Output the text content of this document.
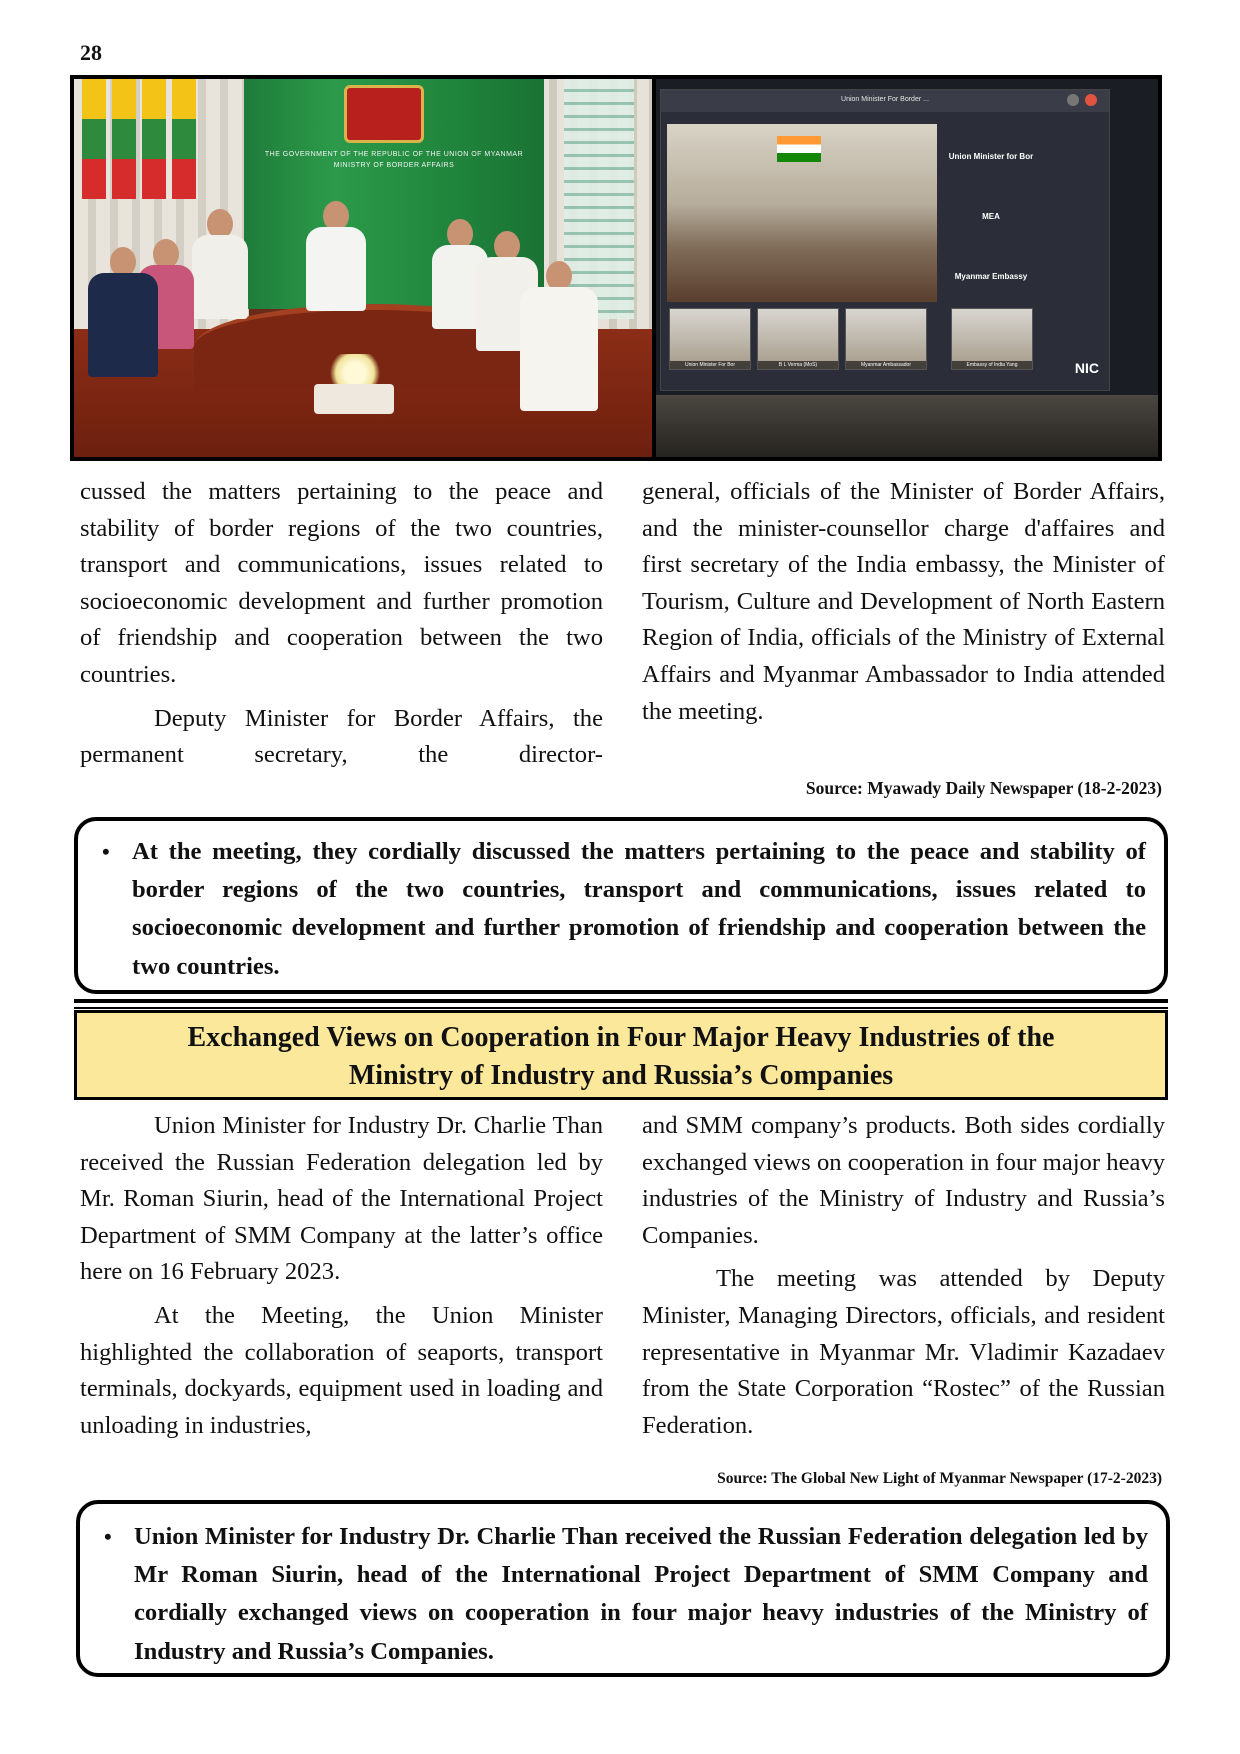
28
THE GOVERNMENT OF THE REPUBLIC OF THE UNION OF MYANMAR
MINISTRY OF BORDER AFFAIRS
Union Minister For Border ...
Union Minister for Bor
MEA
Myanmar Embassy
Union Minister For Bor	B L Verma (MoS)	Myanmar Ambassador	Embassy of India Yang	NIC

cussed the matters pertaining to the peace and stability of border regions of the two countries, transport and communications, issues related to socioeconomic development and further promotion of friendship and cooperation between the two countries.

Deputy Minister for Border Affairs, the permanent secretary, the director-

general, officials of the Minister of Border Affairs, and the minister-counsellor charge d'affaires and first secretary of the India embassy, the Minister of Tourism, Culture and Development of North Eastern Region of India, officials of the Ministry of External Affairs and Myanmar Ambassador to India attended the meeting.

Source: Myawady Daily Newspaper (18-2-2023)
• At the meeting, they cordially discussed the matters pertaining to the peace and stability of border regions of the two countries, transport and communications, issues related to socioeconomic development and further promotion of friendship and cooperation between the two countries.
Exchanged Views on Cooperation in Four Major Heavy Industries of the
Ministry of Industry and Russia’s Companies

Union Minister for Industry Dr. Charlie Than received the Russian Federation delegation led by Mr. Roman Siurin, head of the International Project Department of SMM Company at the latter’s office here on 16 February 2023.

At the Meeting, the Union Minister highlighted the collaboration of seaports, transport terminals, dockyards, equipment used in loading and unloading in industries,

and SMM company’s products. Both sides cordially exchanged views on cooperation in four major heavy industries of the Ministry of Industry and Russia’s Companies.

The meeting was attended by Deputy Minister, Managing Directors, officials, and resident representative in Myanmar Mr. Vladimir Kazadaev from the State Corporation “Rostec” of the Russian Federation.

Source: The Global New Light of Myanmar Newspaper (17-2-2023)
• Union Minister for Industry Dr. Charlie Than received the Russian Federation delegation led by Mr Roman Siurin, head of the International Project Department of SMM Company and cordially exchanged views on cooperation in four major heavy industries of the Ministry of Industry and Russia’s Companies.
